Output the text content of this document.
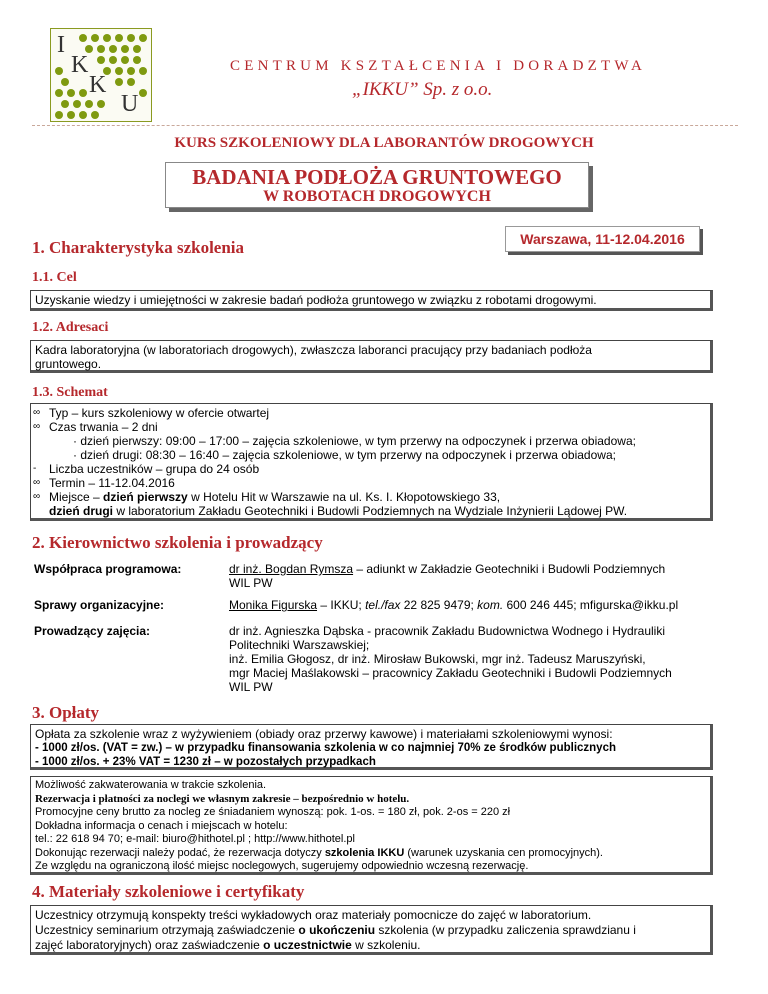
I
K
K
U
CENTRUM KSZTAŁCENIA I DORADZTWA
„IKKU” Sp. z o.o.
KURS SZKOLENIOWY DLA LABORANTÓW DROGOWYCH
BADANIA PODŁOŻA GRUNTOWEGO
W ROBOTACH DROGOWYCH
Warszawa, 11-12.04.2016
1. Charakterystyka szkolenia
1.1. Cel
Uzyskanie wiedzy i umiejętności w zakresie badań podłoża gruntowego w związku z robotami drogowymi.
1.2. Adresaci
Kadra laboratoryjna (w laboratoriach drogowych), zwłaszcza laboranci pracujący przy badaniach podłoża
gruntowego.
1.3. Schemat
∞ Typ – kurs szkoleniowy w ofercie otwartej
∞ Czas trwania – 2 dni
· dzień pierwszy: 09:00 – 17:00 – zajęcia szkoleniowe, w tym przerwy na odpoczynek i przerwa obiadowa;
· dzień drugi: 08:30 – 16:40 – zajęcia szkoleniowe, w tym przerwy na odpoczynek i przerwa obiadowa;
-	Liczba uczestników – grupa do 24 osób
∞ Termin – 11-12.04.2016
∞ Miejsce – dzień pierwszy w Hotelu Hit w Warszawie na ul. Ks. I. Kłopotowskiego 33,
dzień drugi w laboratorium Zakładu Geotechniki i Budowli Podziemnych na Wydziale Inżynierii Lądowej PW.
2. Kierownictwo szkolenia i prowadzący
Współpraca programowa:	dr inż. Bogdan Rymsza – adiunkt w Zakładzie Geotechniki i Budowli Podziemnych
WIL PW
Sprawy organizacyjne:	Monika Figurska – IKKU; tel./fax 22 825 9479; kom. 600 246 445; mfigurska@ikku.pl
Prowadzący zajęcia:	dr inż. Agnieszka Dąbska - pracownik Zakładu Budownictwa Wodnego i Hydrauliki
Politechniki Warszawskiej;
inż. Emilia Głogosz, dr inż. Mirosław Bukowski, mgr inż. Tadeusz Maruszyński,
mgr Maciej Maślakowski – pracownicy Zakładu Geotechniki i Budowli Podziemnych
WIL PW
3. Opłaty
Opłata za szkolenie wraz z wyżywieniem (obiady oraz przerwy kawowe) i materiałami szkoleniowymi wynosi:
- 1000 zł/os. (VAT = zw.) – w przypadku finansowania szkolenia w co najmniej 70% ze środków publicznych
- 1000 zł/os. + 23% VAT = 1230 zł – w pozostałych przypadkach
Możliwość zakwaterowania w trakcie szkolenia.
Rezerwacja i płatności za noclegi we własnym zakresie – bezpośrednio w hotelu.
Promocyjne ceny brutto za nocleg ze śniadaniem wynoszą: pok. 1-os. = 180 zł, pok. 2-os = 220 zł
Dokładna informacja o cenach i miejscach w hotelu:
tel.: 22 618 94 70; e-mail: biuro@hithotel.pl ; http://www.hithotel.pl
Dokonując rezerwacji należy podać, że rezerwacja dotyczy szkolenia IKKU (warunek uzyskania cen promocyjnych).
Ze względu na ograniczoną ilość miejsc noclegowych, sugerujemy odpowiednio wczesną rezerwację.
4. Materiały szkoleniowe i certyfikaty
Uczestnicy otrzymują konspekty treści wykładowych oraz materiały pomocnicze do zajęć w laboratorium.
Uczestnicy seminarium otrzymają zaświadczenie o ukończeniu szkolenia (w przypadku zaliczenia sprawdzianu i
zajęć laboratoryjnych) oraz zaświadczenie o uczestnictwie w szkoleniu.
